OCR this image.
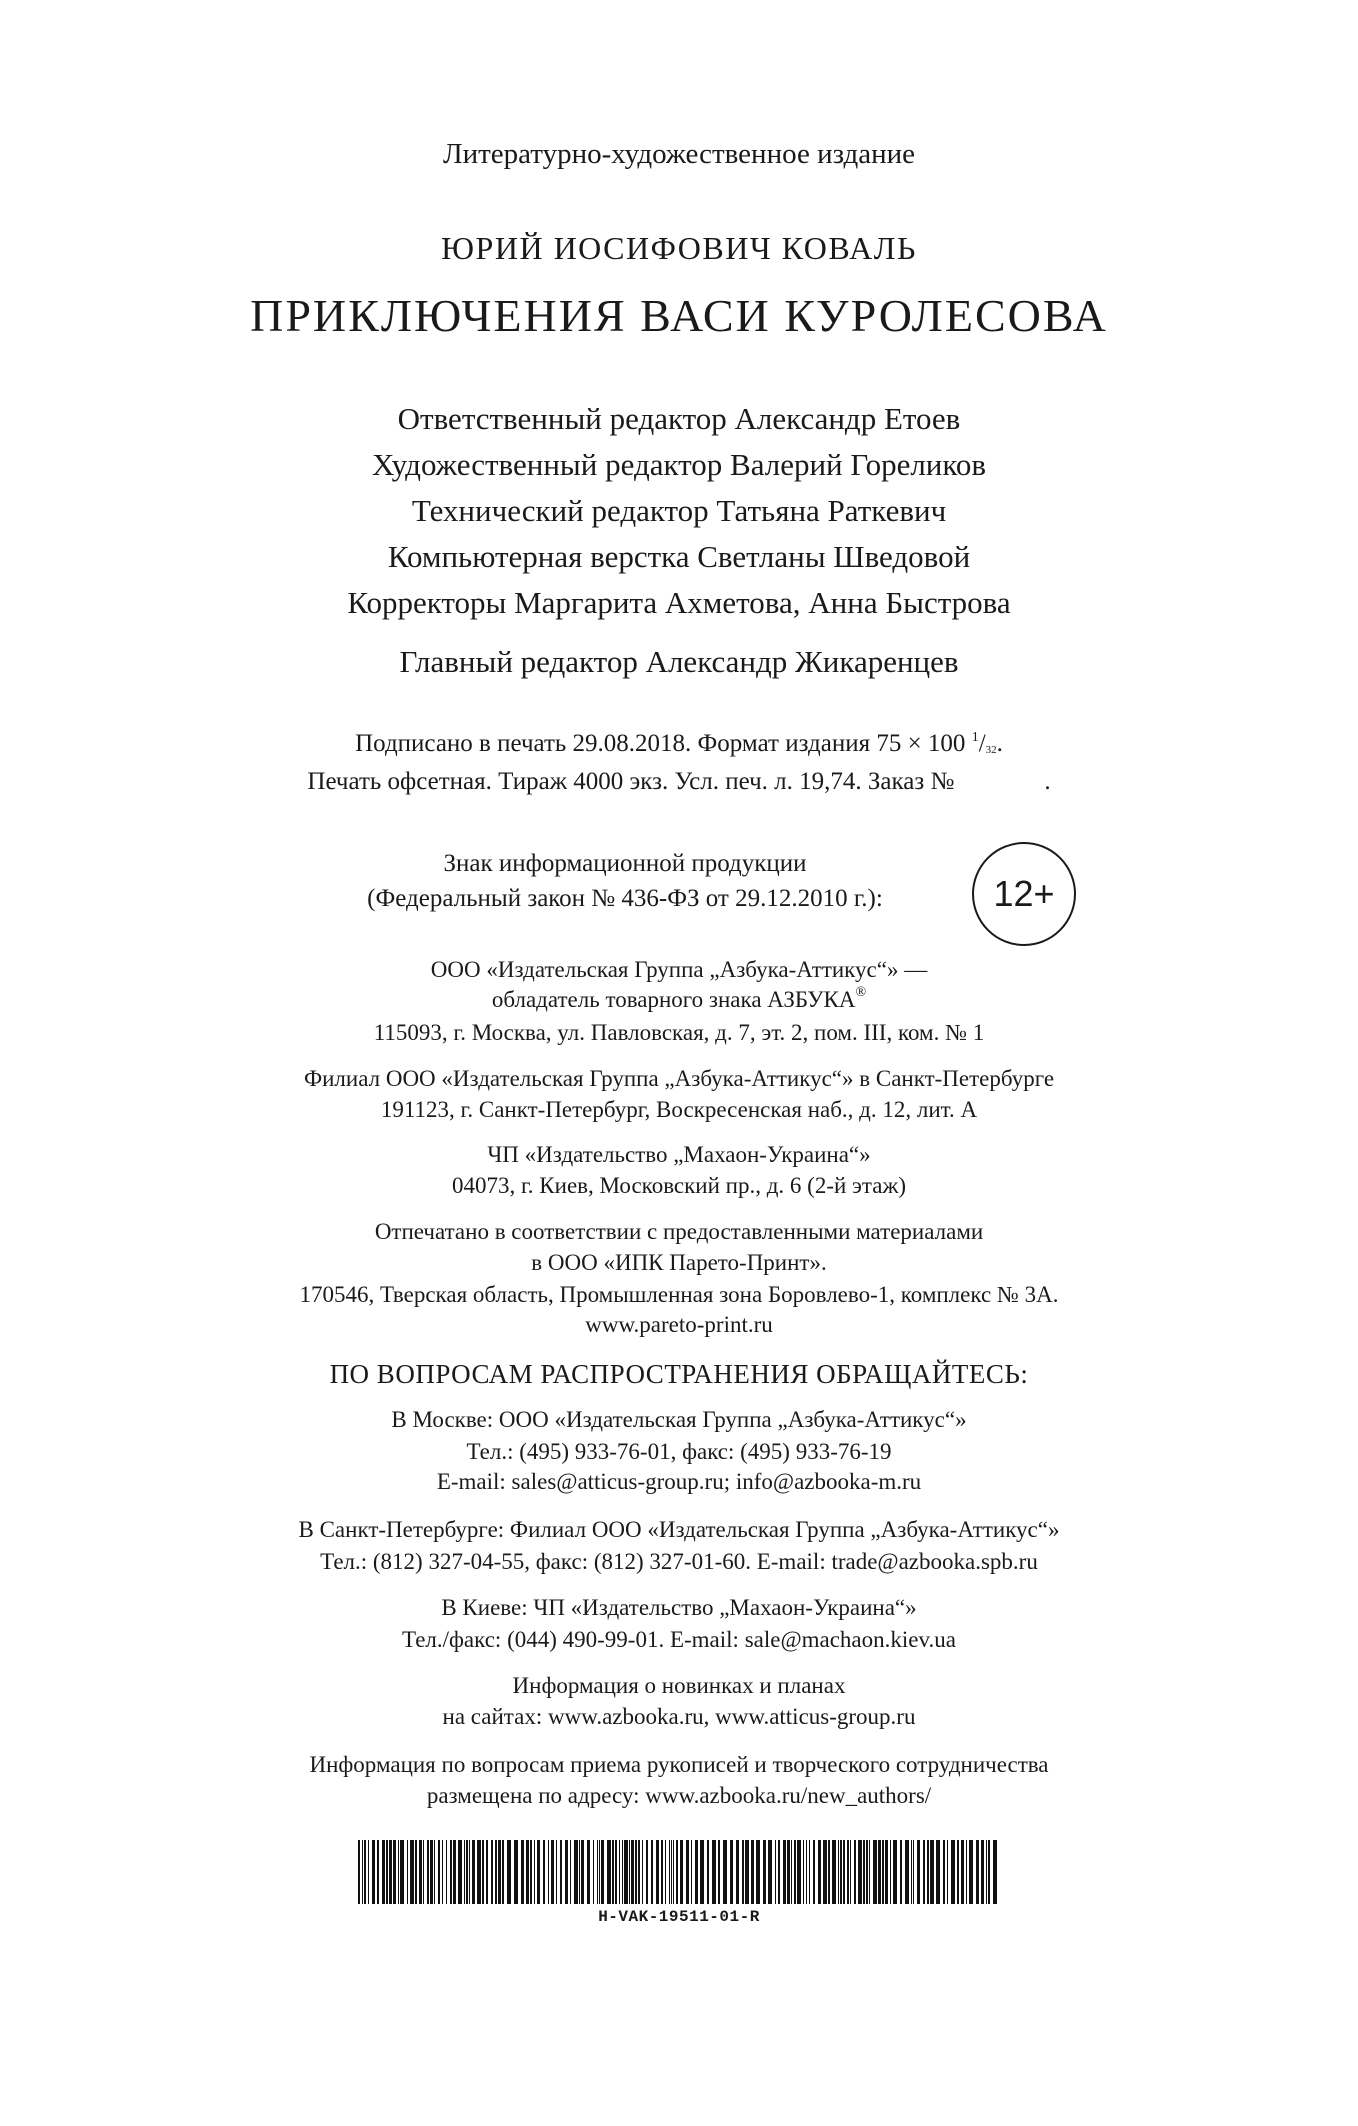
Литературно-художественное издание
ЮРИЙ ИОСИФОВИЧ КОВАЛЬ
ПРИКЛЮЧЕНИЯ ВАСИ КУРОЛЕСОВА
Ответственный редактор Александр Етоев
Художественный редактор Валерий Гореликов
Технический редактор Татьяна Раткевич
Компьютерная верстка Светланы Шведовой
Корректоры Маргарита Ахметова, Анна Быстрова
Главный редактор Александр Жикаренцев
Подписано в печать 29.08.2018. Формат издания 75 × 100 $^1$/32.
Печать офсетная. Тираж 4000 экз. Усл. печ. л. 19,74. Заказ №	.
Знак информационной продукции
(Федеральный закон № 436-ФЗ от 29.12.2010 г.):	12+
ООО «Издательская Группа „Азбука-Аттикус“» —
обладатель товарного знака АЗБУКА®
115093, г. Москва, ул. Павловская, д. 7, эт. 2, пом. III, ком. № 1
Филиал ООО «Издательская Группа „Азбука-Аттикус“» в Санкт-Петербурге
191123, г. Санкт-Петербург, Воскресенская наб., д. 12, лит. А
ЧП «Издательство „Махаон-Украина“»
04073, г. Киев, Московский пр., д. 6 (2-й этаж)
Отпечатано в соответствии с предоставленными материалами
в ООО «ИПК Парето-Принт».
170546, Тверская область, Промышленная зона Боровлево-1, комплекс № 3А.
www.pareto-print.ru
ПО ВОПРОСАМ РАСПРОСТРАНЕНИЯ ОБРАЩАЙТЕСЬ:
В Москве: ООО «Издательская Группа „Азбука-Аттикус“»
Тел.: (495) 933-76-01, факс: (495) 933-76-19
E-mail: sales@atticus-group.ru; info@azbooka-m.ru
В Санкт-Петербурге: Филиал ООО «Издательская Группа „Азбука-Аттикус“»
Тел.: (812) 327-04-55, факс: (812) 327-01-60. E-mail: trade@azbooka.spb.ru
В Киеве: ЧП «Издательство „Махаон-Украина“»
Тел./факс: (044) 490-99-01. E-mail: sale@machaon.kiev.ua
Информация о новинках и планах
на сайтах: www.azbooka.ru, www.atticus-group.ru
Информация по вопросам приема рукописей и творческого сотрудничества
размещена по адресу: www.azbooka.ru/new_authors/
H-VAK-19511-01-R
